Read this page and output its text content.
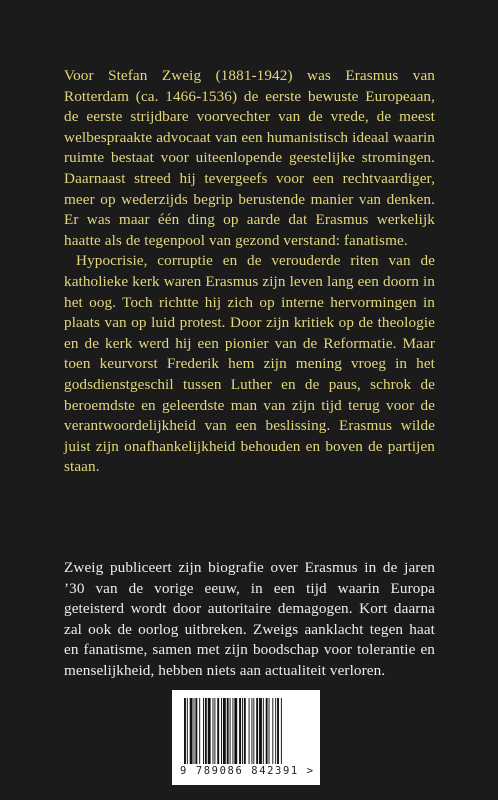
Voor Stefan Zweig (1881-1942) was Erasmus van Rotterdam (ca. 1466-1536) de eerste bewuste Europeaan, de eerste strijdbare voorvechter van de vrede, de meest welbespraakte advocaat van een humanistisch ideaal waarin ruimte bestaat voor uiteenlopende geestelijke stromingen. Daarnaast streed hij tevergeefs voor een rechtvaardiger, meer op wederzijds begrip berustende manier van denken. Er was maar één ding op aarde dat Erasmus werkelijk haatte als de tegenpool van gezond verstand: fanatisme.

Hypocrisie, corruptie en de verouderde riten van de katholieke kerk waren Erasmus zijn leven lang een doorn in het oog. Toch richtte hij zich op interne hervormingen in plaats van op luid protest. Door zijn kritiek op de theologie en de kerk werd hij een pionier van de Reformatie. Maar toen keurvorst Frederik hem zijn mening vroeg in het godsdienstgeschil tussen Luther en de paus, schrok de beroemdste en geleerdste man van zijn tijd terug voor de verantwoordelijkheid van een beslissing. Erasmus wilde juist zijn onafhankelijkheid behouden en boven de partijen staan.

Zweig publiceert zijn biografie over Erasmus in de jaren ’30 van de vorige eeuw, in een tijd waarin Europa geteisterd wordt door autoritaire demagogen. Kort daarna zal ook de oorlog uitbreken. Zweigs aanklacht tegen haat en fanatisme, samen met zijn boodschap voor tolerantie en menselijkheid, hebben niets aan actualiteit verloren.

9 789086 842391 >
